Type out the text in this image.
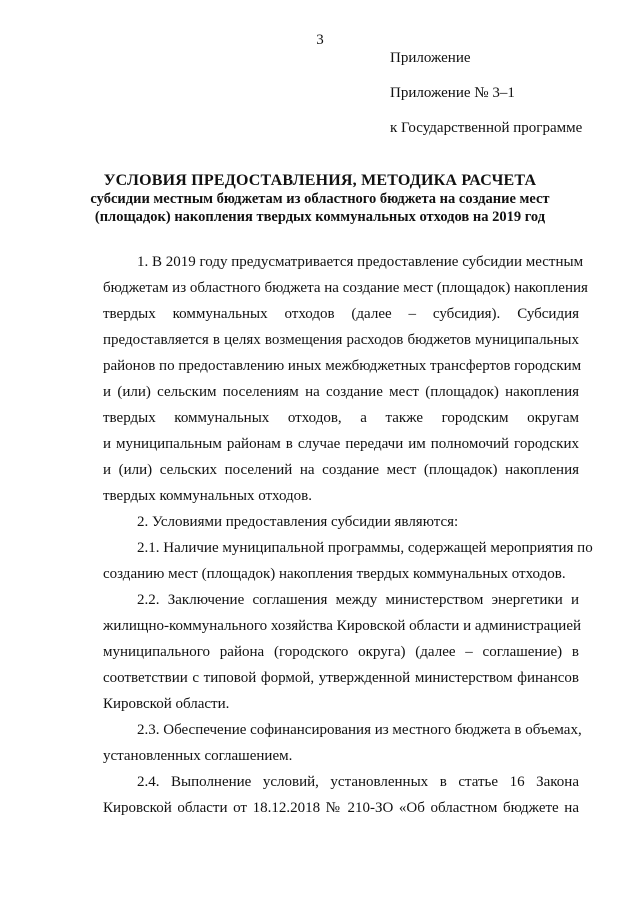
3
Приложение
Приложение № 3–1
к Государственной программе
УСЛОВИЯ ПРЕДОСТАВЛЕНИЯ, МЕТОДИКА РАСЧЕТА
субсидии местным бюджетам из областного бюджета на создание мест
(площадок) накопления твердых коммунальных отходов на 2019 год
1. В 2019 году предусматривается предоставление субсидии местным
бюджетам из областного бюджета на создание мест (площадок) накопления
твердых коммунальных отходов (далее – субсидия). Субсидия
предоставляется в целях возмещения расходов бюджетов муниципальных
районов по предоставлению иных межбюджетных трансфертов городским
и (или) сельским поселениям на создание мест (площадок) накопления
твердых коммунальных отходов, а также городским округам
и муниципальным районам в случае передачи им полномочий городских
и (или) сельских поселений на создание мест (площадок) накопления
твердых коммунальных отходов.
2. Условиями предоставления субсидии являются:
2.1. Наличие муниципальной программы, содержащей мероприятия по
созданию мест (площадок) накопления твердых коммунальных отходов.
2.2. Заключение соглашения между министерством энергетики и
жилищно-коммунального хозяйства Кировской области и администрацией
муниципального района (городского округа) (далее – соглашение) в
соответствии с типовой формой, утвержденной министерством финансов
Кировской области.
2.3. Обеспечение софинансирования из местного бюджета в объемах,
установленных соглашением.
2.4. Выполнение условий, установленных в статье 16 Закона
Кировской области от 18.12.2018 № 210-ЗО «Об областном бюджете на
